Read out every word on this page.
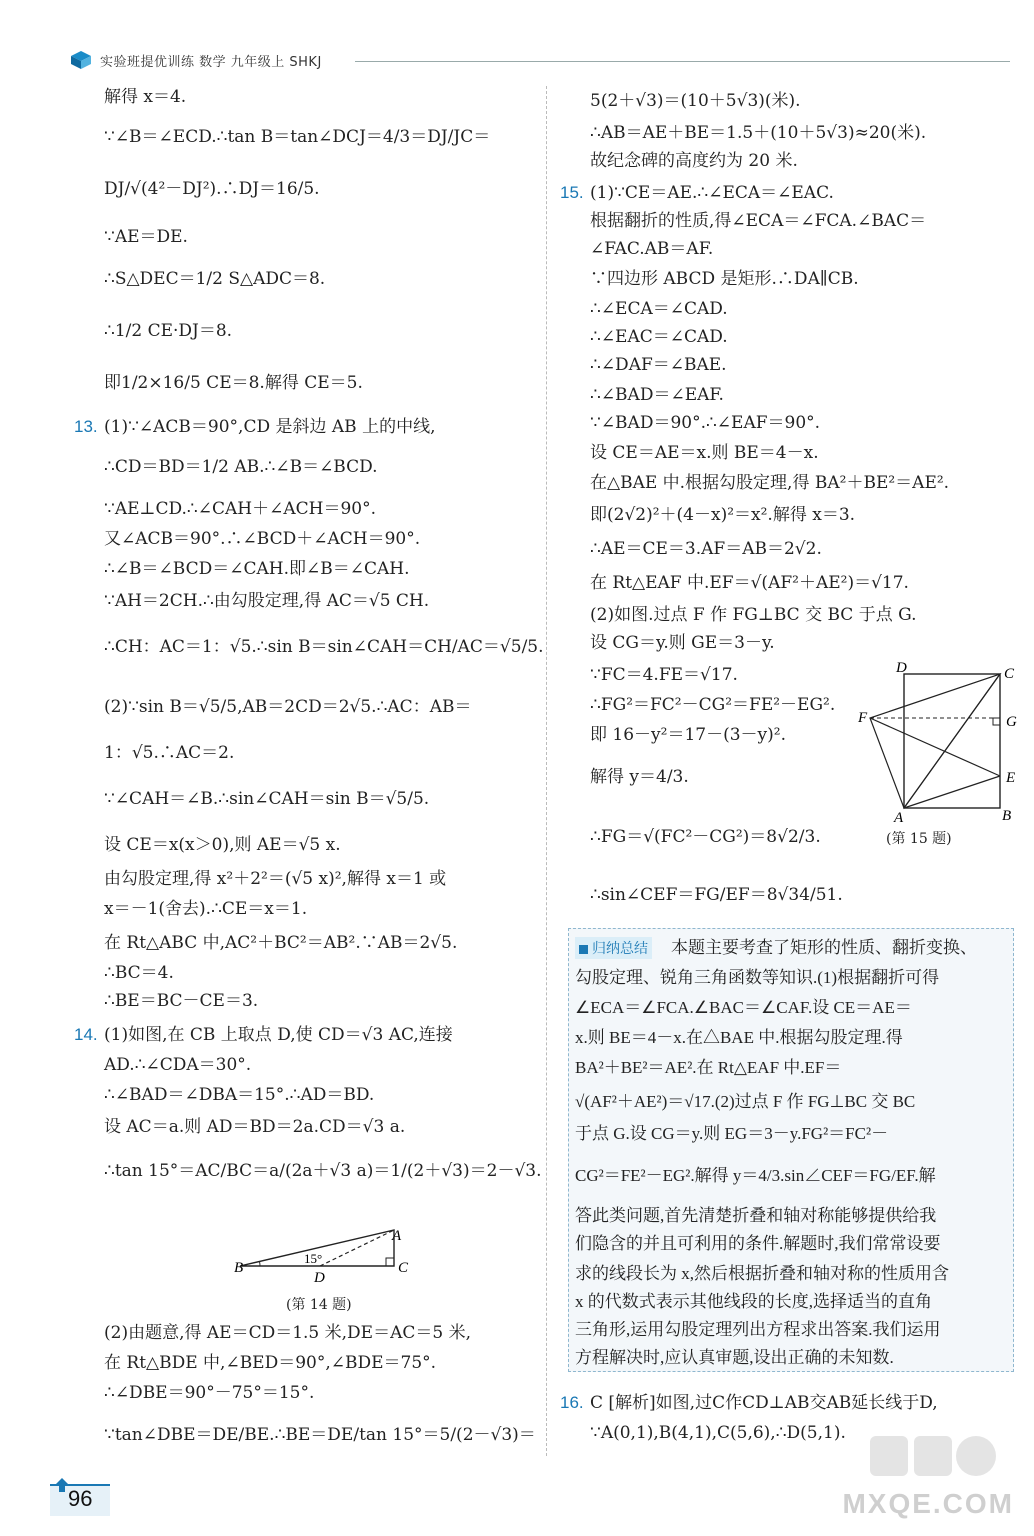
实验班提优训练 数学 九年级上 SHKJ
解得 x＝4.
∵∠B＝∠ECD.∴tan B＝tan∠DCJ＝4/3＝DJ/JC＝
DJ/√(4²－DJ²).∴DJ＝16/5.
∵AE＝DE.
∴S△DEC＝1/2 S△ADC＝8.
∴1/2 CE·DJ＝8.
即1/2×16/5 CE＝8.解得 CE＝5.
13. (1)∵∠ACB＝90°,CD 是斜边 AB 上的中线,
∴CD＝BD＝1/2 AB.∴∠B＝∠BCD.
∵AE⊥CD.∴∠CAH＋∠ACH＝90°.
又∠ACB＝90°.∴∠BCD＋∠ACH＝90°.
∴∠B＝∠BCD＝∠CAH.即∠B＝∠CAH.
∵AH＝2CH.∴由勾股定理,得 AC＝√5 CH.
∴CH：AC＝1：√5.∴sin B＝sin∠CAH＝CH/AC＝√5/5.
(2)∵sin B＝√5/5,AB＝2CD＝2√5.∴AC：AB＝
1：√5.∴AC＝2.
∵∠CAH＝∠B.∴sin∠CAH＝sin B＝√5/5.
设 CE＝x(x＞0),则 AE＝√5 x.
由勾股定理,得 x²＋2²＝(√5 x)²,解得 x＝1 或
x＝－1(舍去).∴CE＝x＝1.
在 Rt△ABC 中,AC²＋BC²＝AB².∵AB＝2√5.
∴BC＝4.
∴BE＝BC－CE＝3.
14. (1)如图,在 CB 上取点 D,使 CD＝√3 AC,连接
AD.∴∠CDA＝30°.
∴∠BAD＝∠DBA＝15°.∴AD＝BD.
设 AC＝a.则 AD＝BD＝2a.CD＝√3 a.
∴tan 15°＝AC/BC＝a/(2a＋√3 a)＝1/(2＋√3)＝2－√3.
B
A
C
D
15°
(第 14 题)
(2)由题意,得 AE＝CD＝1.5 米,DE＝AC＝5 米,
在 Rt△BDE 中,∠BED＝90°,∠BDE＝75°.
∴∠DBE＝90°－75°＝15°.
∵tan∠DBE＝DE/BE.∴BE＝DE/tan 15°＝5/(2－√3)＝
5(2＋√3)＝(10＋5√3)(米).
∴AB＝AE＋BE＝1.5＋(10＋5√3)≈20(米).
故纪念碑的高度约为 20 米.
15. (1)∵CE＝AE.∴∠ECA＝∠EAC.
根据翻折的性质,得∠ECA＝∠FCA.∠BAC＝
∠FAC.AB＝AF.
∵四边形 ABCD 是矩形.∴DA∥CB.
∴∠ECA＝∠CAD.
∴∠EAC＝∠CAD.
∴∠DAF＝∠BAE.
∴∠BAD＝∠EAF.
∵∠BAD＝90°.∴∠EAF＝90°.
设 CE＝AE＝x.则 BE＝4－x.
在△BAE 中.根据勾股定理,得 BA²＋BE²＝AE².
即(2√2)²＋(4－x)²＝x².解得 x＝3.
∴AE＝CE＝3.AF＝AB＝2√2.
在 Rt△EAF 中.EF＝√(AF²＋AE²)＝√17.
(2)如图.过点 F 作 FG⊥BC 交 BC 于点 G.
设 CG＝y.则 GE＝3－y.
∵FC＝4.FE＝√17.
∴FG²＝FC²－CG²＝FE²－EG².
即 16－y²＝17－(3－y)².
解得 y＝4/3.
∴FG＝√(FC²－CG²)＝8√2/3.
∴sin∠CEF＝FG/EF＝8√34/51.
D	C
F	G
E
A	B
(第 15 题)
归纳总结 本题主要考查了矩形的性质、翻折变换、
勾股定理、锐角三角函数等知识.(1)根据翻折可得
∠ECA＝∠FCA.∠BAC＝∠CAF.设 CE＝AE＝
x.则 BE＝4－x.在△BAE 中.根据勾股定理.得
BA²＋BE²＝AE².在 Rt△EAF 中.EF＝
√(AF²＋AE²)＝√17.(2)过点 F 作 FG⊥BC 交 BC
于点 G.设 CG＝y.则 EG＝3－y.FG²＝FC²－
CG²＝FE²－EG².解得 y＝4/3.sin∠CEF＝FG/EF.解
答此类问题,首先清楚折叠和轴对称能够提供给我
们隐含的并且可利用的条件.解题时,我们常常设要
求的线段长为 x,然后根据折叠和轴对称的性质用含
x 的代数式表示其他线段的长度,选择适当的直角
三角形,运用勾股定理列出方程求出答案.我们运用
方程解决时,应认真审题,设出正确的未知数.
16. C [解析]如图,过C作CD⊥AB交AB延长线于D,
∵A(0,1),B(4,1),C(5,6),∴D(5,1).
96	MXQE.COM
